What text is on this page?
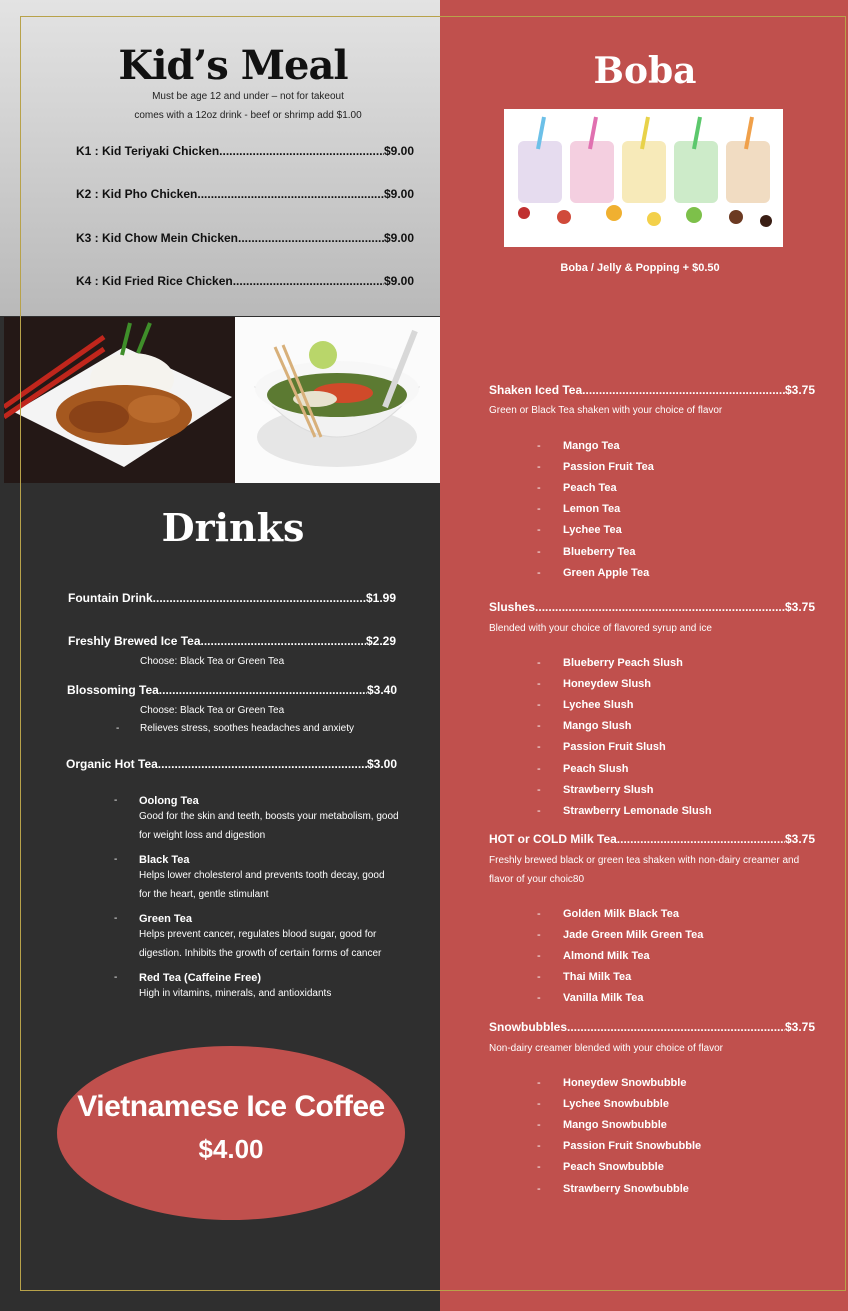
Kid’s Meal
Must be age 12 and under – not for takeout
comes with a 12oz drink - beef or shrimp add $1.00
K1 : Kid Teriyaki Chicken .....	$9.00
K2 : Kid Pho Chicken .....	$9.00
K3 : Kid Chow Mein Chicken .....	$9.00
K4 : Kid Fried Rice Chicken .....	$9.00
Drinks
Fountain Drink .....	$1.99
Freshly Brewed Ice Tea .....	$2.29
Choose: Black Tea or Green Tea
Blossoming Tea .....	$3.40
Choose: Black Tea or Green Tea
-	Relieves stress, soothes headaches and anxiety
Organic Hot Tea .....	$3.00
-	Oolong Tea
Good for the skin and teeth, boosts your metabolism, good
for weight loss and digestion
-	Black Tea
Helps lower cholesterol and prevents tooth decay, good
for the heart, gentle stimulant
-	Green Tea
Helps prevent cancer, regulates blood sugar, good for
digestion. Inhibits the growth of certain forms of cancer
-	Red Tea (Caffeine Free)
High in vitamins, minerals, and antioxidants
Vietnamese Ice Coffee
$4.00
Boba
Boba / Jelly & Popping + $0.50
Shaken Iced Tea .....	$3.75
Green or Black Tea shaken with your choice of flavor
-	Mango Tea
-	Passion Fruit Tea
-	Peach Tea
-	Lemon Tea
-	Lychee Tea
-	Blueberry Tea
-	Green Apple Tea
Slushes .....	$3.75
Blended with your choice of flavored syrup and ice
-	Blueberry Peach Slush
-	Honeydew Slush
-	Lychee Slush
-	Mango Slush
-	Passion Fruit Slush
-	Peach Slush
-	Strawberry Slush
-	Strawberry Lemonade Slush
HOT or COLD Milk Tea .....	$3.75
Freshly brewed black or green tea shaken with non-dairy creamer and
flavor of your choic80
-	Golden Milk Black Tea
-	Jade Green Milk Green Tea
-	Almond Milk Tea
-	Thai Milk Tea
-	Vanilla Milk Tea
Snowbubbles .....	$3.75
Non-dairy creamer blended with your choice of flavor
-	Honeydew Snowbubble
-	Lychee Snowbubble
-	Mango Snowbubble
-	Passion Fruit Snowbubble
-	Peach Snowbubble
-	Strawberry Snowbubble
